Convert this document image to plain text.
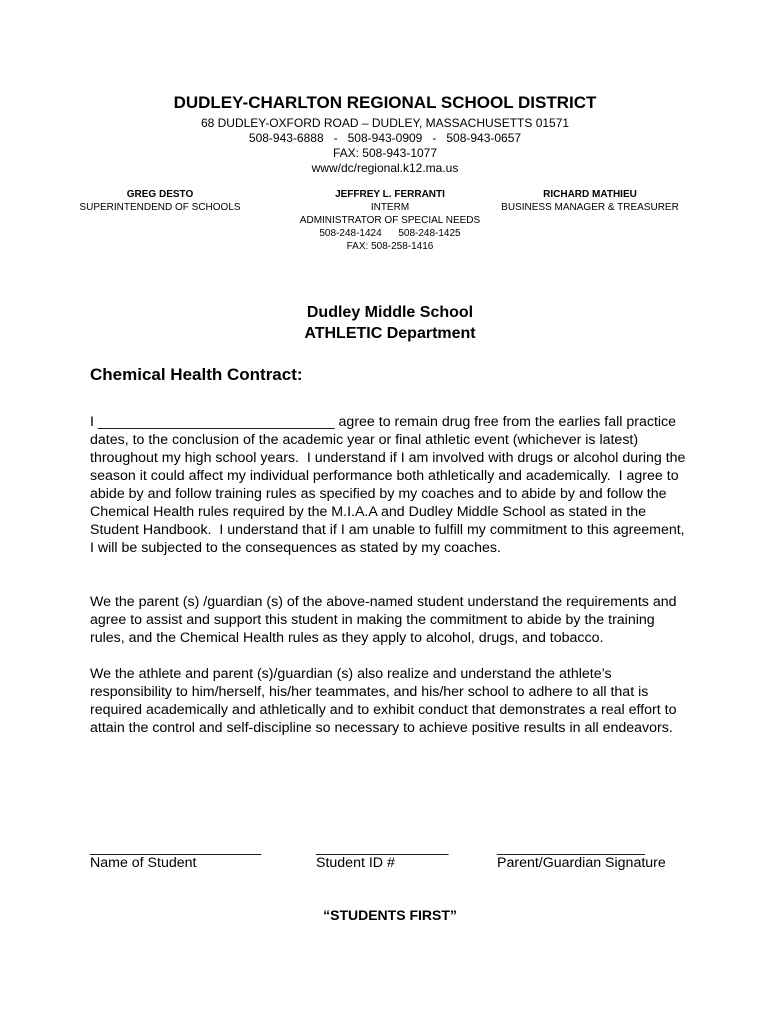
DUDLEY-CHARLTON REGIONAL SCHOOL DISTRICT
68 DUDLEY-OXFORD ROAD – DUDLEY, MASSACHUSETTS 01571
508-943-6888   -   508-943-0909   -   508-943-0657
FAX: 508-943-1077
www/dc/regional.k12.ma.us
GREG DESTO
SUPERINTENDEND OF SCHOOLS
JEFFREY L. FERRANTI
INTERM
ADMINISTRATOR OF SPECIAL NEEDS
508-248-1424      508-248-1425
FAX: 508-258-1416
RICHARD MATHIEU
BUSINESS MANAGER & TREASURER
Dudley Middle School
ATHLETIC Department
Chemical Health Contract:
I ______________________________ agree to remain drug free from the earlies fall practice dates, to the conclusion of the academic year or final athletic event (whichever is latest) throughout my high school years.  I understand if I am involved with drugs or alcohol during the season it could affect my individual performance both athletically and academically.  I agree to abide by and follow training rules as specified by my coaches and to abide by and follow the Chemical Health rules required by the M.I.A.A and Dudley Middle School as stated in the Student Handbook.  I understand that if I am unable to fulfill my commitment to this agreement, I will be subjected to the consequences as stated by my coaches.
We the parent (s) /guardian (s) of the above-named student understand the requirements and agree to assist and support this student in making the commitment to abide by the training rules, and the Chemical Health rules as they apply to alcohol, drugs, and tobacco.
We the athlete and parent (s)/guardian (s) also realize and understand the athlete’s responsibility to him/herself, his/her teammates, and his/her school to adhere to all that is required academically and athletically and to exhibit conduct that demonstrates a real effort to attain the control and self-discipline so necessary to achieve positive results in all endeavors.
______________________
Name of Student
_________________
Student ID #
___________________
Parent/Guardian Signature
“STUDENTS FIRST”
